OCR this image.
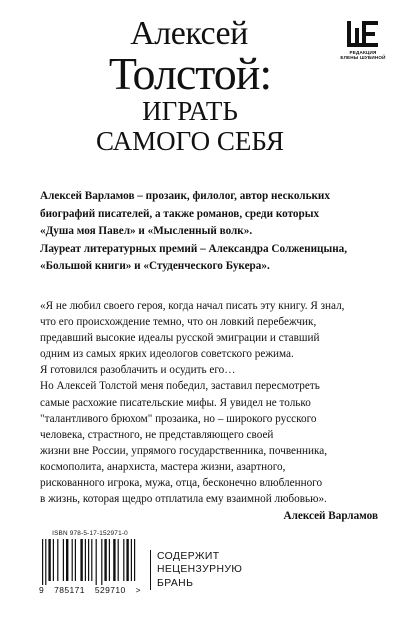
Алексей
Толстой:
ИГРАТЬ
САМОГО СЕБЯ
РЕДАКЦИЯ
ЕЛЕНЫ ШУБИНОЙ
Алексей Варламов – прозаик, филолог, автор нескольких
биографий писателей, а также романов, среди которых
«Душа моя Павел» и «Мысленный волк».
Лауреат литературных премий – Александра Солженицына,
«Большой книги» и «Студенческого Букера».

«Я не любил своего героя, когда начал писать эту книгу. Я знал,

что его происхождение темно, что он ловкий перебежчик,

предавший высокие идеалы русской эмиграции и ставший

одним из самых ярких идеологов советского режима.

Я готовился разоблачить и осудить его…

Но Алексей Толстой меня победил, заставил пересмотреть

самые расхожие писательские мифы. Я увидел не только

"талантливого брюхом" прозаика, но – широкого русского

человека, страстного, не представляющего своей

жизни вне России, упрямого государственника, почвенника,

космополита, анархиста, мастера жизни, азартного,

рискованного игрока, мужа, отца, бесконечно влюбленного

в жизнь, которая щедро отплатила ему взаимной любовью».

Алексей Варламов
ISBN 978-5-17-152971-0
9 785171 529710 >
СОДЕРЖИТ
НЕЦЕНЗУРНУЮ
БРАНЬ
